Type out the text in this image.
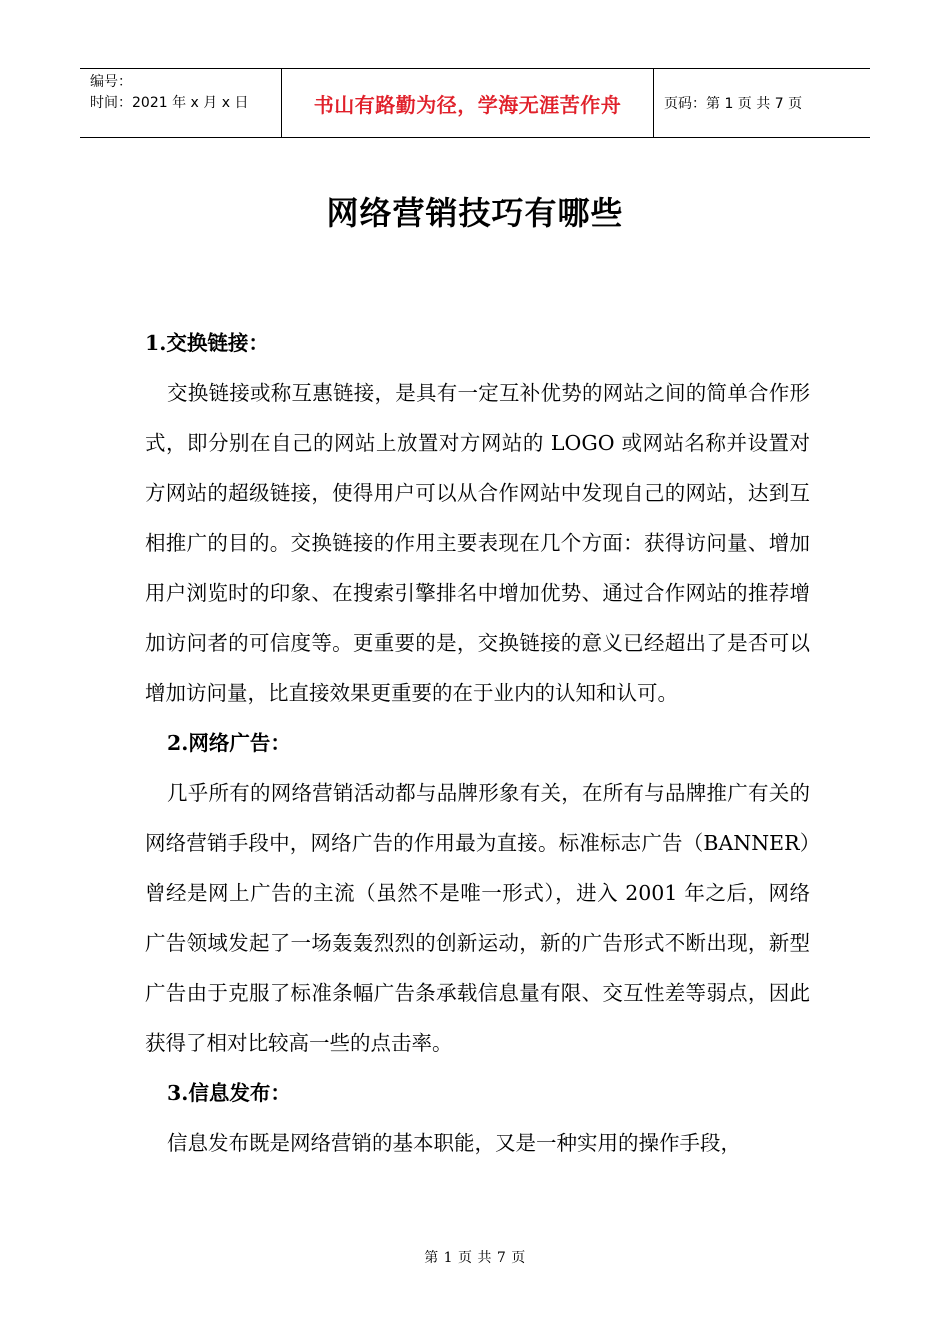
编号：
时间：2021 年 x 月 x 日	书山有路勤为径，学海无涯苦作舟	页码：第 1 页 共 7 页
网络营销技巧有哪些

1.交换链接：

交换链接或称互惠链接，是具有一定互补优势的网站之间的简单合作形式，即分别在自己的网站上放置对方网站的 LOGO 或网站名称并设置对方网站的超级链接，使得用户可以从合作网站中发现自己的网站，达到互相推广的目的。交换链接的作用主要表现在几个方面：获得访问量、增加用户浏览时的印象、在搜索引擎排名中增加优势、通过合作网站的推荐增加访问者的可信度等。更重要的是，交换链接的意义已经超出了是否可以增加访问量，比直接效果更重要的在于业内的认知和认可。

2.网络广告：

几乎所有的网络营销活动都与品牌形象有关，在所有与品牌推广有关的网络营销手段中，网络广告的作用最为直接。标准标志广告（BANNER）曾经是网上广告的主流（虽然不是唯一形式），进入 2001 年之后，网络广告领域发起了一场轰轰烈烈的创新运动，新的广告形式不断出现，新型广告由于克服了标准条幅广告条承载信息量有限、交互性差等弱点，因此获得了相对比较高一些的点击率。

3.信息发布：

信息发布既是网络营销的基本职能，又是一种实用的操作手段，

第 1 页 共 7 页
